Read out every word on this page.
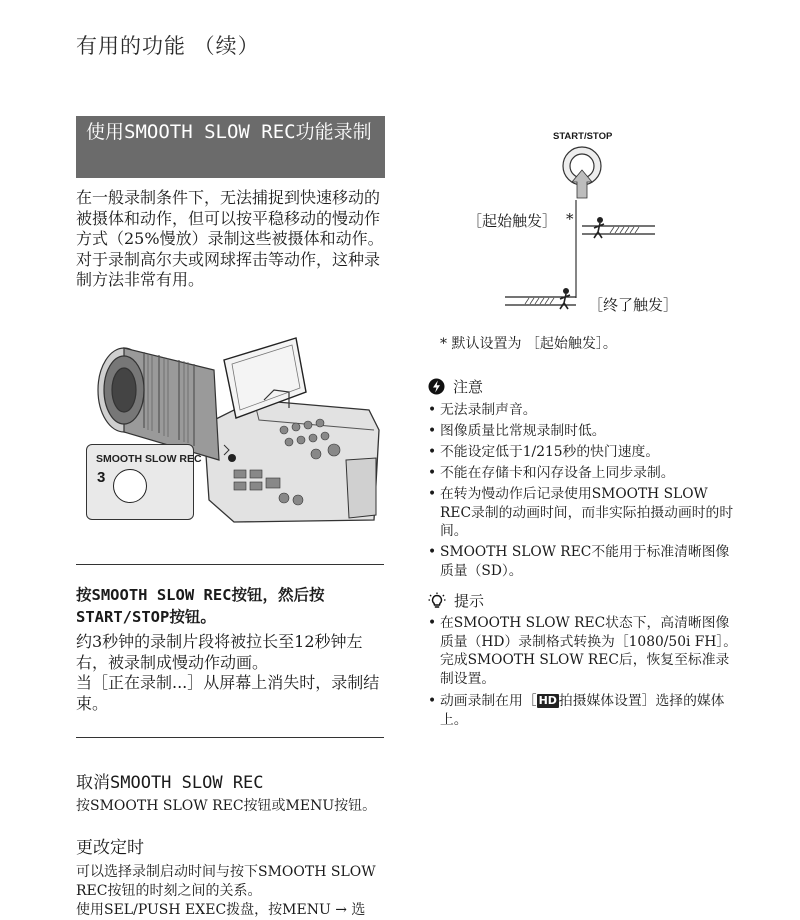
有用的功能 （续）
使用SMOOTH SLOW REC功能录制
在一般录制条件下，无法捕捉到快速移动的被摄体和动作，但可以按平稳移动的慢动作方式（25%慢放）录制这些被摄体和动作。
对于录制高尔夫或网球挥击等动作，这种录制方法非常有用。
SMOOTH SLOW REC
3
按SMOOTH SLOW REC按钮，然后按START/STOP按钮。
约3秒钟的录制片段将被拉长至12秒钟左右，被录制成慢动作动画。
当［正在录制...］从屏幕上消失时，录制结束。
取消SMOOTH SLOW REC
按SMOOTH SLOW REC按钮或MENU按钮。
更改定时
可以选择录制启动时间与按下SMOOTH SLOW REC按钮的时刻之间的关系。
使用SEL/PUSH EXEC拨盘，按MENU → 选
START/STOP
［起始触发］ *
［终了触发］
* 默认设置为 ［起始触发］。
注意
• 无法录制声音。
• 图像质量比常规录制时低。
• 不能设定低于1/215秒的快门速度。
• 不能在存储卡和闪存设备上同步录制。
• 在转为慢动作后记录使用SMOOTH SLOW REC录制的动画时间，而非实际拍摄动画时的时间。
• SMOOTH SLOW REC不能用于标准清晰图像质量（SD）。
提示
• 在SMOOTH SLOW REC状态下，高清晰图像质量（HD）录制格式转换为［1080/50i FH］。完成SMOOTH SLOW REC后，恢复至标准录制设置。
• 动画录制在用［ HD 拍摄媒体设置］选择的媒体上。
